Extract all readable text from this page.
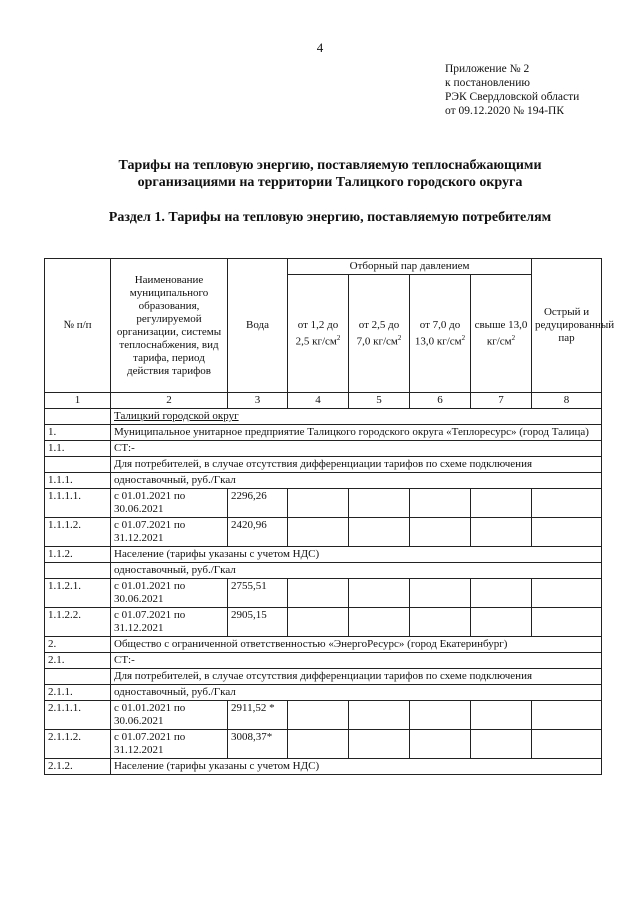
4
Приложение № 2
к постановлению
РЭК Свердловской области
от 09.12.2020 № 194-ПК
Тарифы на тепловую энергию, поставляемую теплоснабжающими
организациями на территории Талицкого городского округа
Раздел 1. Тарифы на тепловую энергию, поставляемую потребителям
№ п/п	Наименование муниципального образования, регулируемой организации, системы теплоснабжения, вид тарифа, период действия тарифов	Вода	Отборный пар давлением				Острый и редуцированный пар
			от 1,2 до 2,5 $кг/см^2$	от 2,5 до 7,0 $кг/см^2$	от 7,0 до 13,0 $кг/см^2$	свыше 13,0 $кг/см^2$
1	2	3	4	5	6	7	8
	Талицкий городской округ						
1.	Муниципальное унитарное предприятие Талицкого городского округа «Теплоресурс» (город Талица)						
1.1.	СТ:-						
	Для потребителей, в случае отсутствия дифференциации тарифов по схеме подключения						
1.1.1.	одноставочный, руб./Гкал						
1.1.1.1.	с 01.01.2021 по 30.06.2021	2296,26					
1.1.1.2.	с 01.07.2021 по 31.12.2021	2420,96					
1.1.2.	Население (тарифы указаны с учетом НДС)						
	одноставочный, руб./Гкал						
1.1.2.1.	с 01.01.2021 по 30.06.2021	2755,51					
1.1.2.2.	с 01.07.2021 по 31.12.2021	2905,15					
2.	Общество с ограниченной ответственностью «ЭнергоРесурс» (город Екатеринбург)						
2.1.	СТ:-						
	Для потребителей, в случае отсутствия дифференциации тарифов по схеме подключения						
2.1.1.	одноставочный, руб./Гкал						
2.1.1.1.	с 01.01.2021 по 30.06.2021	2911,52 *					
2.1.1.2.	с 01.07.2021 по 31.12.2021	3008,37*					
2.1.2.	Население (тарифы указаны с учетом НДС)						
